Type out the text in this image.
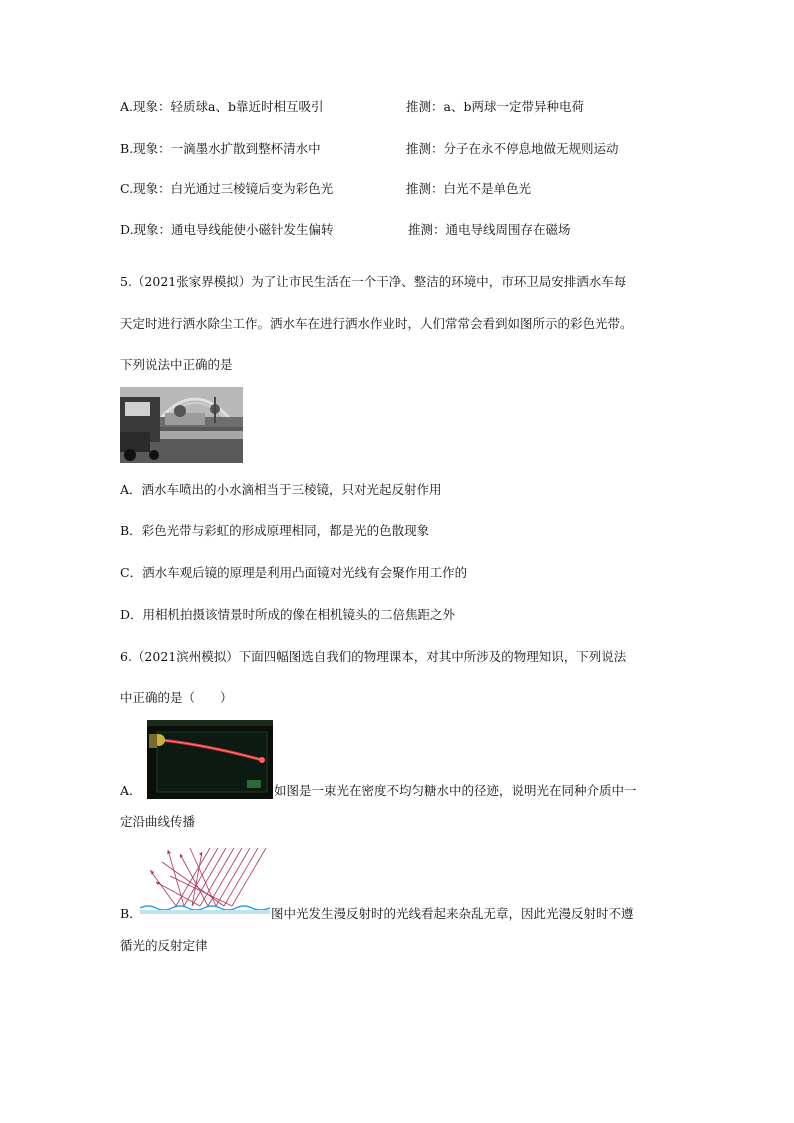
A.现象：轻质球a、b靠近时相互吸引	推测：a、b两球一定带异种电荷
B.现象：一滴墨水扩散到整杯清水中	推测：分子在永不停息地做无规则运动
C.现象：白光通过三棱镜后变为彩色光	推测：白光不是单色光
D.现象：通电导线能使小磁针发生偏转	推测：通电导线周围存在磁场
5.（2021张家界模拟）为了让市民生活在一个干净、整洁的环境中，市环卫局安排洒水车每
天定时进行洒水除尘工作。洒水车在进行洒水作业时，人们常常会看到如图所示的彩色光带。
下列说法中正确的是
A．洒水车喷出的小水滴相当于三棱镜，只对光起反射作用
B．彩色光带与彩虹的形成原理相同，都是光的色散现象
C．洒水车观后镜的原理是利用凸面镜对光线有会聚作用工作的
D．用相机拍摄该情景时所成的像在相机镜头的二倍焦距之外
6.（2021滨州模拟）下面四幅图选自我们的物理课本，对其中所涉及的物理知识，下列说法
中正确的是（　　）
A.	如图是一束光在密度不均匀糖水中的径迹，说明光在同种介质中一
定沿曲线传播
B．	图中光发生漫反射时的光线看起来杂乱无章，因此光漫反射时不遵
循光的反射定律
